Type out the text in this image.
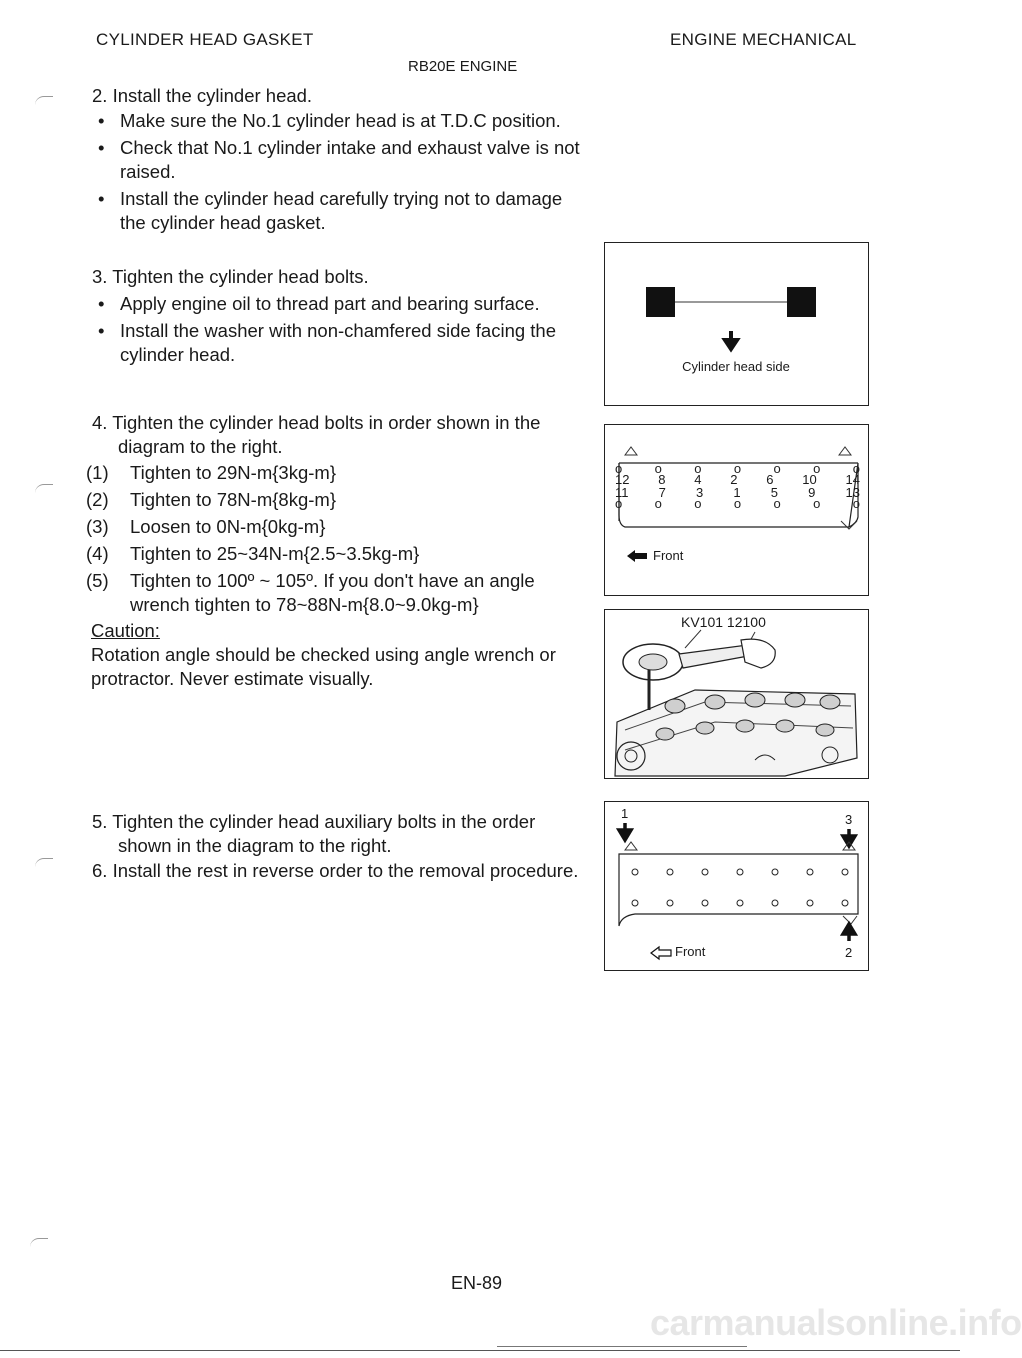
CYLINDER HEAD GASKET	ENGINE MECHANICAL
RB20E ENGINE
2. Install the cylinder head.
• Make sure the No.1 cylinder head is at T.D.C position.
• Check that No.1 cylinder intake and exhaust valve is not raised.
• Install the cylinder head carefully trying not to damage the cylinder head gasket.
3. Tighten the cylinder head bolts.
• Apply engine oil to thread part and bearing surface.
• Install the washer with non-chamfered side facing the cylinder head.
4. Tighten the cylinder head bolts in order shown in the diagram to the right.
(1) Tighten to 29N-m{3kg-m}
(2) Tighten to 78N-m{8kg-m}
(3) Loosen to 0N-m{0kg-m}
(4) Tighten to 25~34N-m{2.5~3.5kg-m}
(5) Tighten to 100º ~ 105º. If you don't have an angle wrench tighten to 78~88N-m{8.0~9.0kg-m}
Caution:
Rotation angle should be checked using angle wrench or protractor. Never estimate visually.
5. Tighten the cylinder head auxiliary bolts in the order shown in the diagram to the right.
6. Install the rest in reverse order to the removal procedure.
Cylinder head side
o o o o o o o
12 8 4 2 6 10 14
11 7 3 1 5 9 13
o o o o o o o
Front
KV101 12100
1	3
Front	2
EN-89
carmanualsonline.info
